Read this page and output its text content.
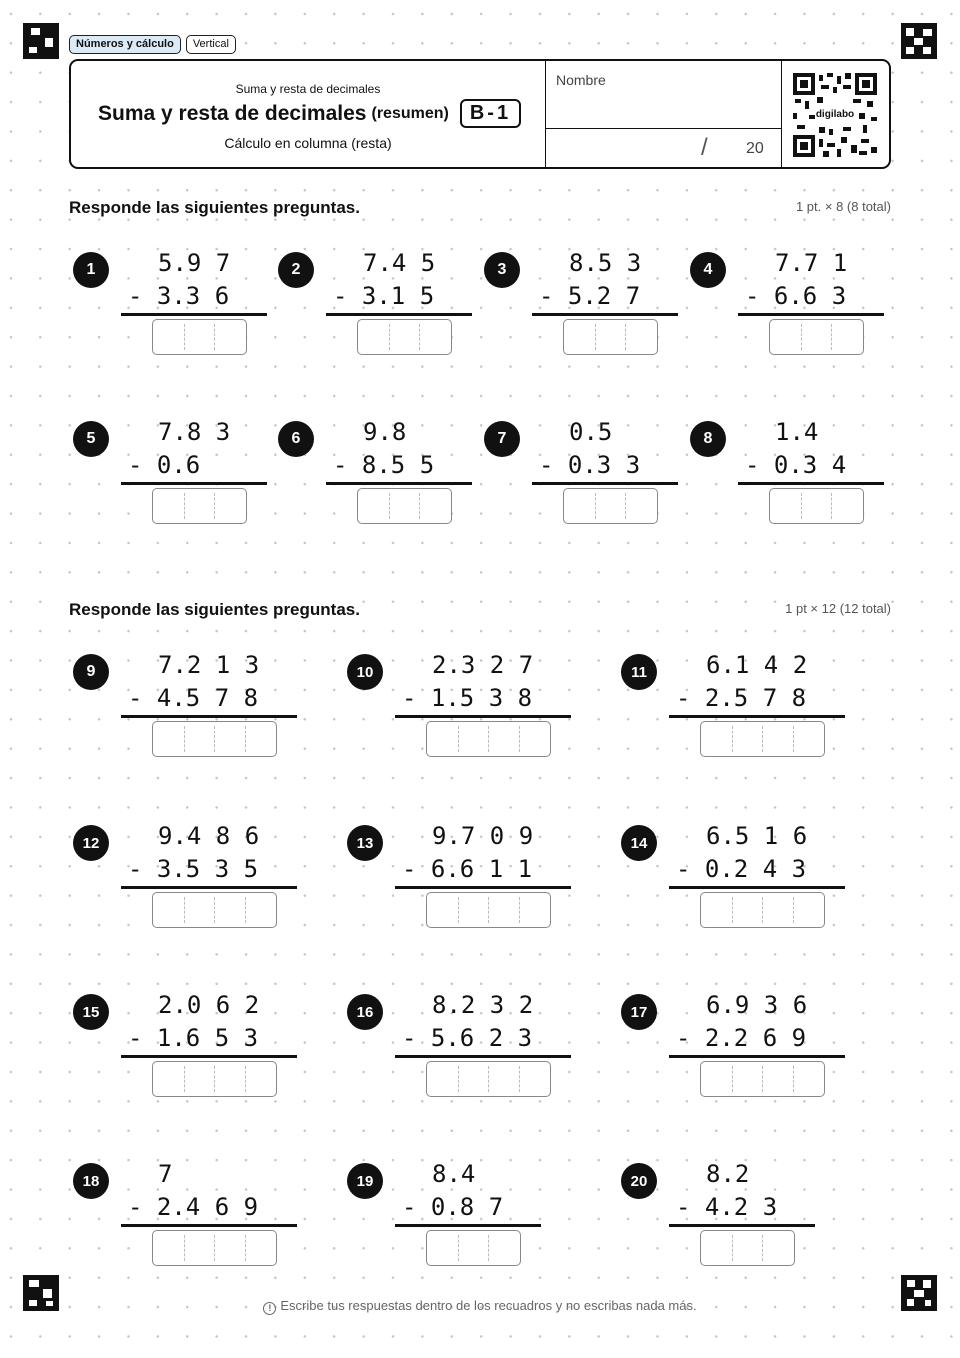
Números y cálculo	Vertical
Suma y resta de decimales
Suma y resta de decimales (resumen)	B-1
Cálculo en columna (resta)
Nombre
/ 20
digilabo
Responde las siguientes preguntas.	1 pt. × 8 (8 total)
Responde las siguientes preguntas.	1 pt × 12 (12 total)
1	5.9 7
- 3.3 6
2	7.4 5
- 3.1 5
3	8.5 3
- 5.2 7
4	7.7 1
- 6.6 3
5	7.8 3
- 0.6
6	9.8
- 8.5 5
7	0.5
- 0.3 3
8	1.4
- 0.3 4
9	7.2 1 3
- 4.5 7 8
10	2.3 2 7
- 1.5 3 8
11	6.1 4 2
- 2.5 7 8
12	9.4 8 6
- 3.5 3 5
13	9.7 0 9
- 6.6 1 1
14	6.5 1 6
- 0.2 4 3
15	2.0 6 2
- 1.6 5 3
16	8.2 3 2
- 5.6 2 3
17	6.9 3 6
- 2.2 6 9
18	7
- 2.4 6 9
19	8.4
- 0.8 7
20	8.2
- 4.2 3
! Escribe tus respuestas dentro de los recuadros y no escribas nada más.
